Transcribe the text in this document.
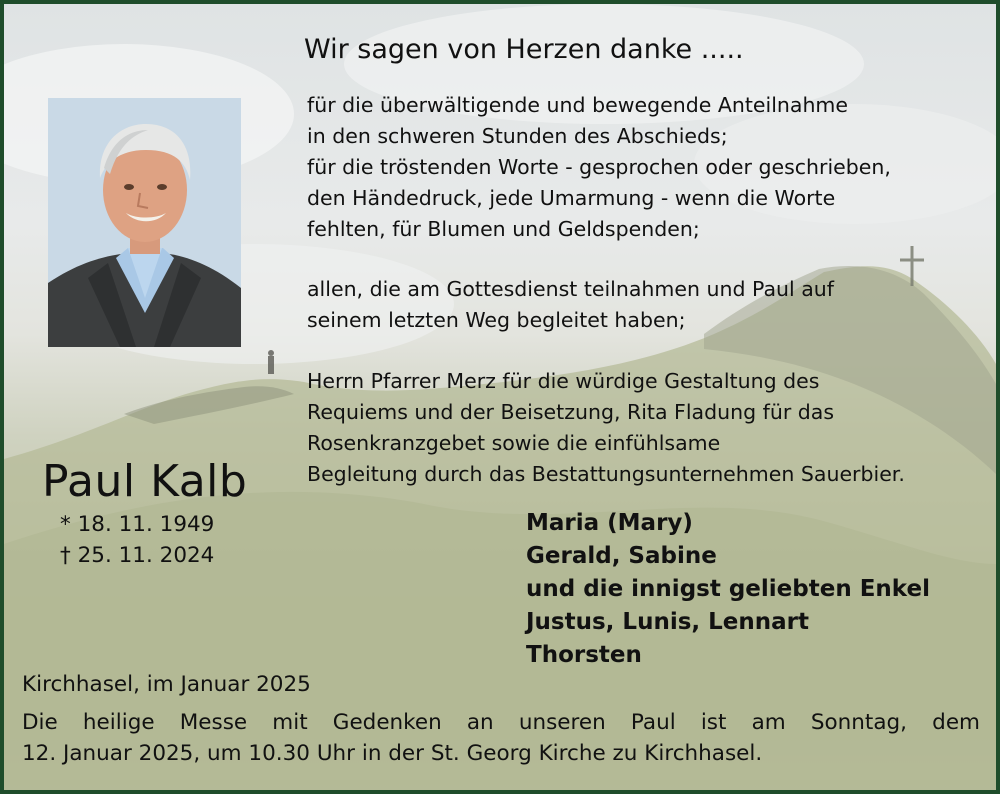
Wir sagen von Herzen danke .....
für die überwältigende und bewegende Anteilnahme
in den schweren Stunden des Abschieds;
für die tröstenden Worte - gesprochen oder geschrieben,
den Händedruck, jede Umarmung - wenn die Worte
fehlten, für Blumen und Geldspenden;
allen, die am Gottesdienst teilnahmen und Paul auf
seinem letzten Weg begleitet haben;
Herrn Pfarrer Merz für die würdige Gestaltung des
Requiems und der Beisetzung, Rita Fladung für das
Rosenkranzgebet sowie die einfühlsame
Begleitung durch das Bestattungsunternehmen Sauerbier.
Paul Kalb
* 18. 11. 1949
† 25. 11. 2024
Maria (Mary)
Gerald, Sabine
und die innigst geliebten Enkel
Justus, Lunis, Lennart
Thorsten
Kirchhasel, im Januar 2025
Die heilige Messe mit Gedenken an unseren Paul ist am Sonntag, dem
12. Januar 2025, um 10.30 Uhr in der St. Georg Kirche zu Kirchhasel.
